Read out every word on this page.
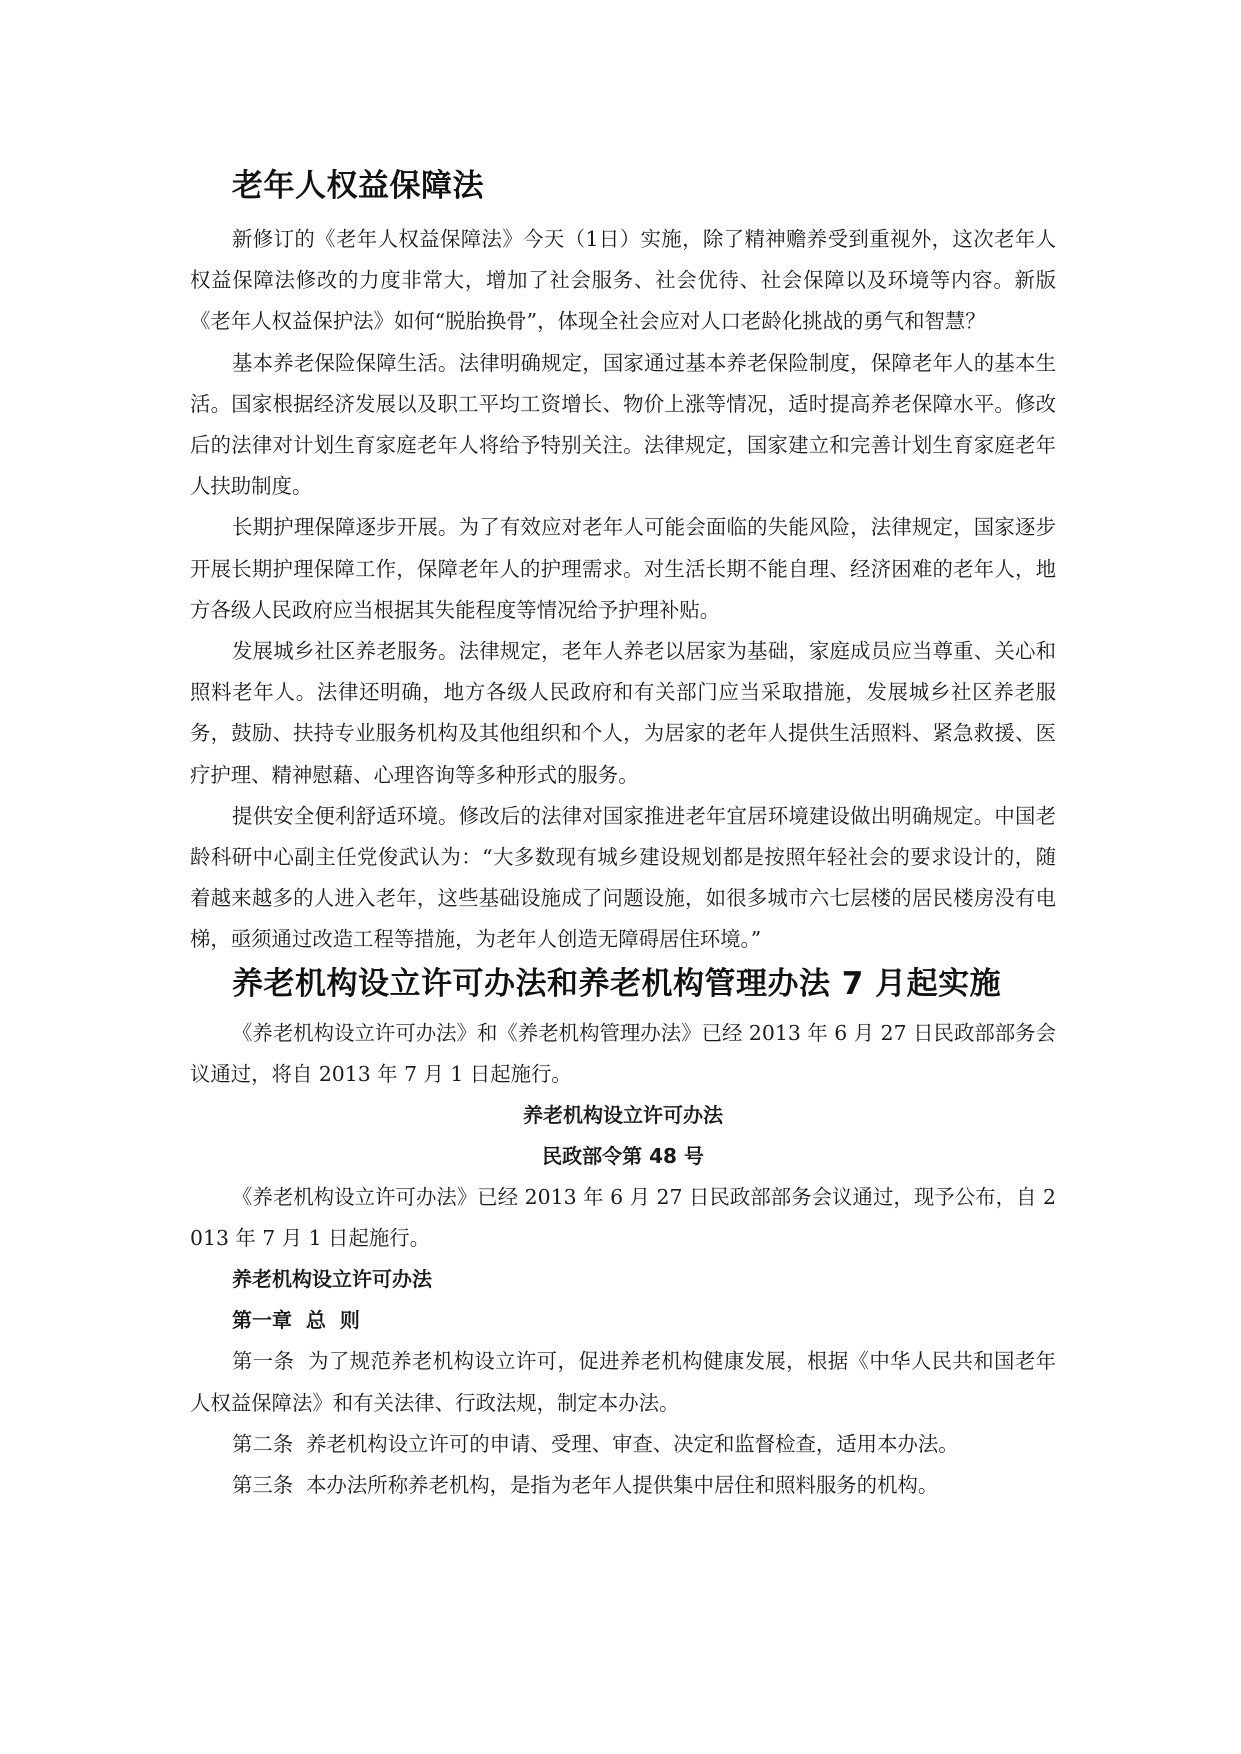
老年人权益保障法

新修订的《老年人权益保障法》今天（1日）实施，除了精神赡养受到重视外，这次老年人权益保障法修改的力度非常大，增加了社会服务、社会优待、社会保障以及环境等内容。新版《老年人权益保护法》如何“脱胎换骨”，体现全社会应对人口老龄化挑战的勇气和智慧？

基本养老保险保障生活。法律明确规定，国家通过基本养老保险制度，保障老年人的基本生活。国家根据经济发展以及职工平均工资增长、物价上涨等情况，适时提高养老保障水平。修改后的法律对计划生育家庭老年人将给予特别关注。法律规定，国家建立和完善计划生育家庭老年人扶助制度。

长期护理保障逐步开展。为了有效应对老年人可能会面临的失能风险，法律规定，国家逐步开展长期护理保障工作，保障老年人的护理需求。对生活长期不能自理、经济困难的老年人，地方各级人民政府应当根据其失能程度等情况给予护理补贴。

发展城乡社区养老服务。法律规定，老年人养老以居家为基础，家庭成员应当尊重、关心和照料老年人。法律还明确，地方各级人民政府和有关部门应当采取措施，发展城乡社区养老服务，鼓励、扶持专业服务机构及其他组织和个人，为居家的老年人提供生活照料、紧急救援、医疗护理、精神慰藉、心理咨询等多种形式的服务。

提供安全便利舒适环境。修改后的法律对国家推进老年宜居环境建设做出明确规定。中国老龄科研中心副主任党俊武认为：“大多数现有城乡建设规划都是按照年轻社会的要求设计的，随着越来越多的人进入老年，这些基础设施成了问题设施，如很多城市六七层楼的居民楼房没有电梯，亟须通过改造工程等措施，为老年人创造无障碍居住环境。”

养老机构设立许可办法和养老机构管理办法 7 月起实施

《养老机构设立许可办法》和《养老机构管理办法》已经 2013 年 6 月 27 日民政部部务会议通过，将自 2013 年 7 月 1 日起施行。

养老机构设立许可办法

民政部令第 48 号

《养老机构设立许可办法》已经 2013 年 6 月 27 日民政部部务会议通过，现予公布，自 2013 年 7 月 1 日起施行。

养老机构设立许可办法

第一章  总  则

第一条  为了规范养老机构设立许可，促进养老机构健康发展，根据《中华人民共和国老年人权益保障法》和有关法律、行政法规，制定本办法。

第二条  养老机构设立许可的申请、受理、审查、决定和监督检查，适用本办法。

第三条  本办法所称养老机构，是指为老年人提供集中居住和照料服务的机构。
